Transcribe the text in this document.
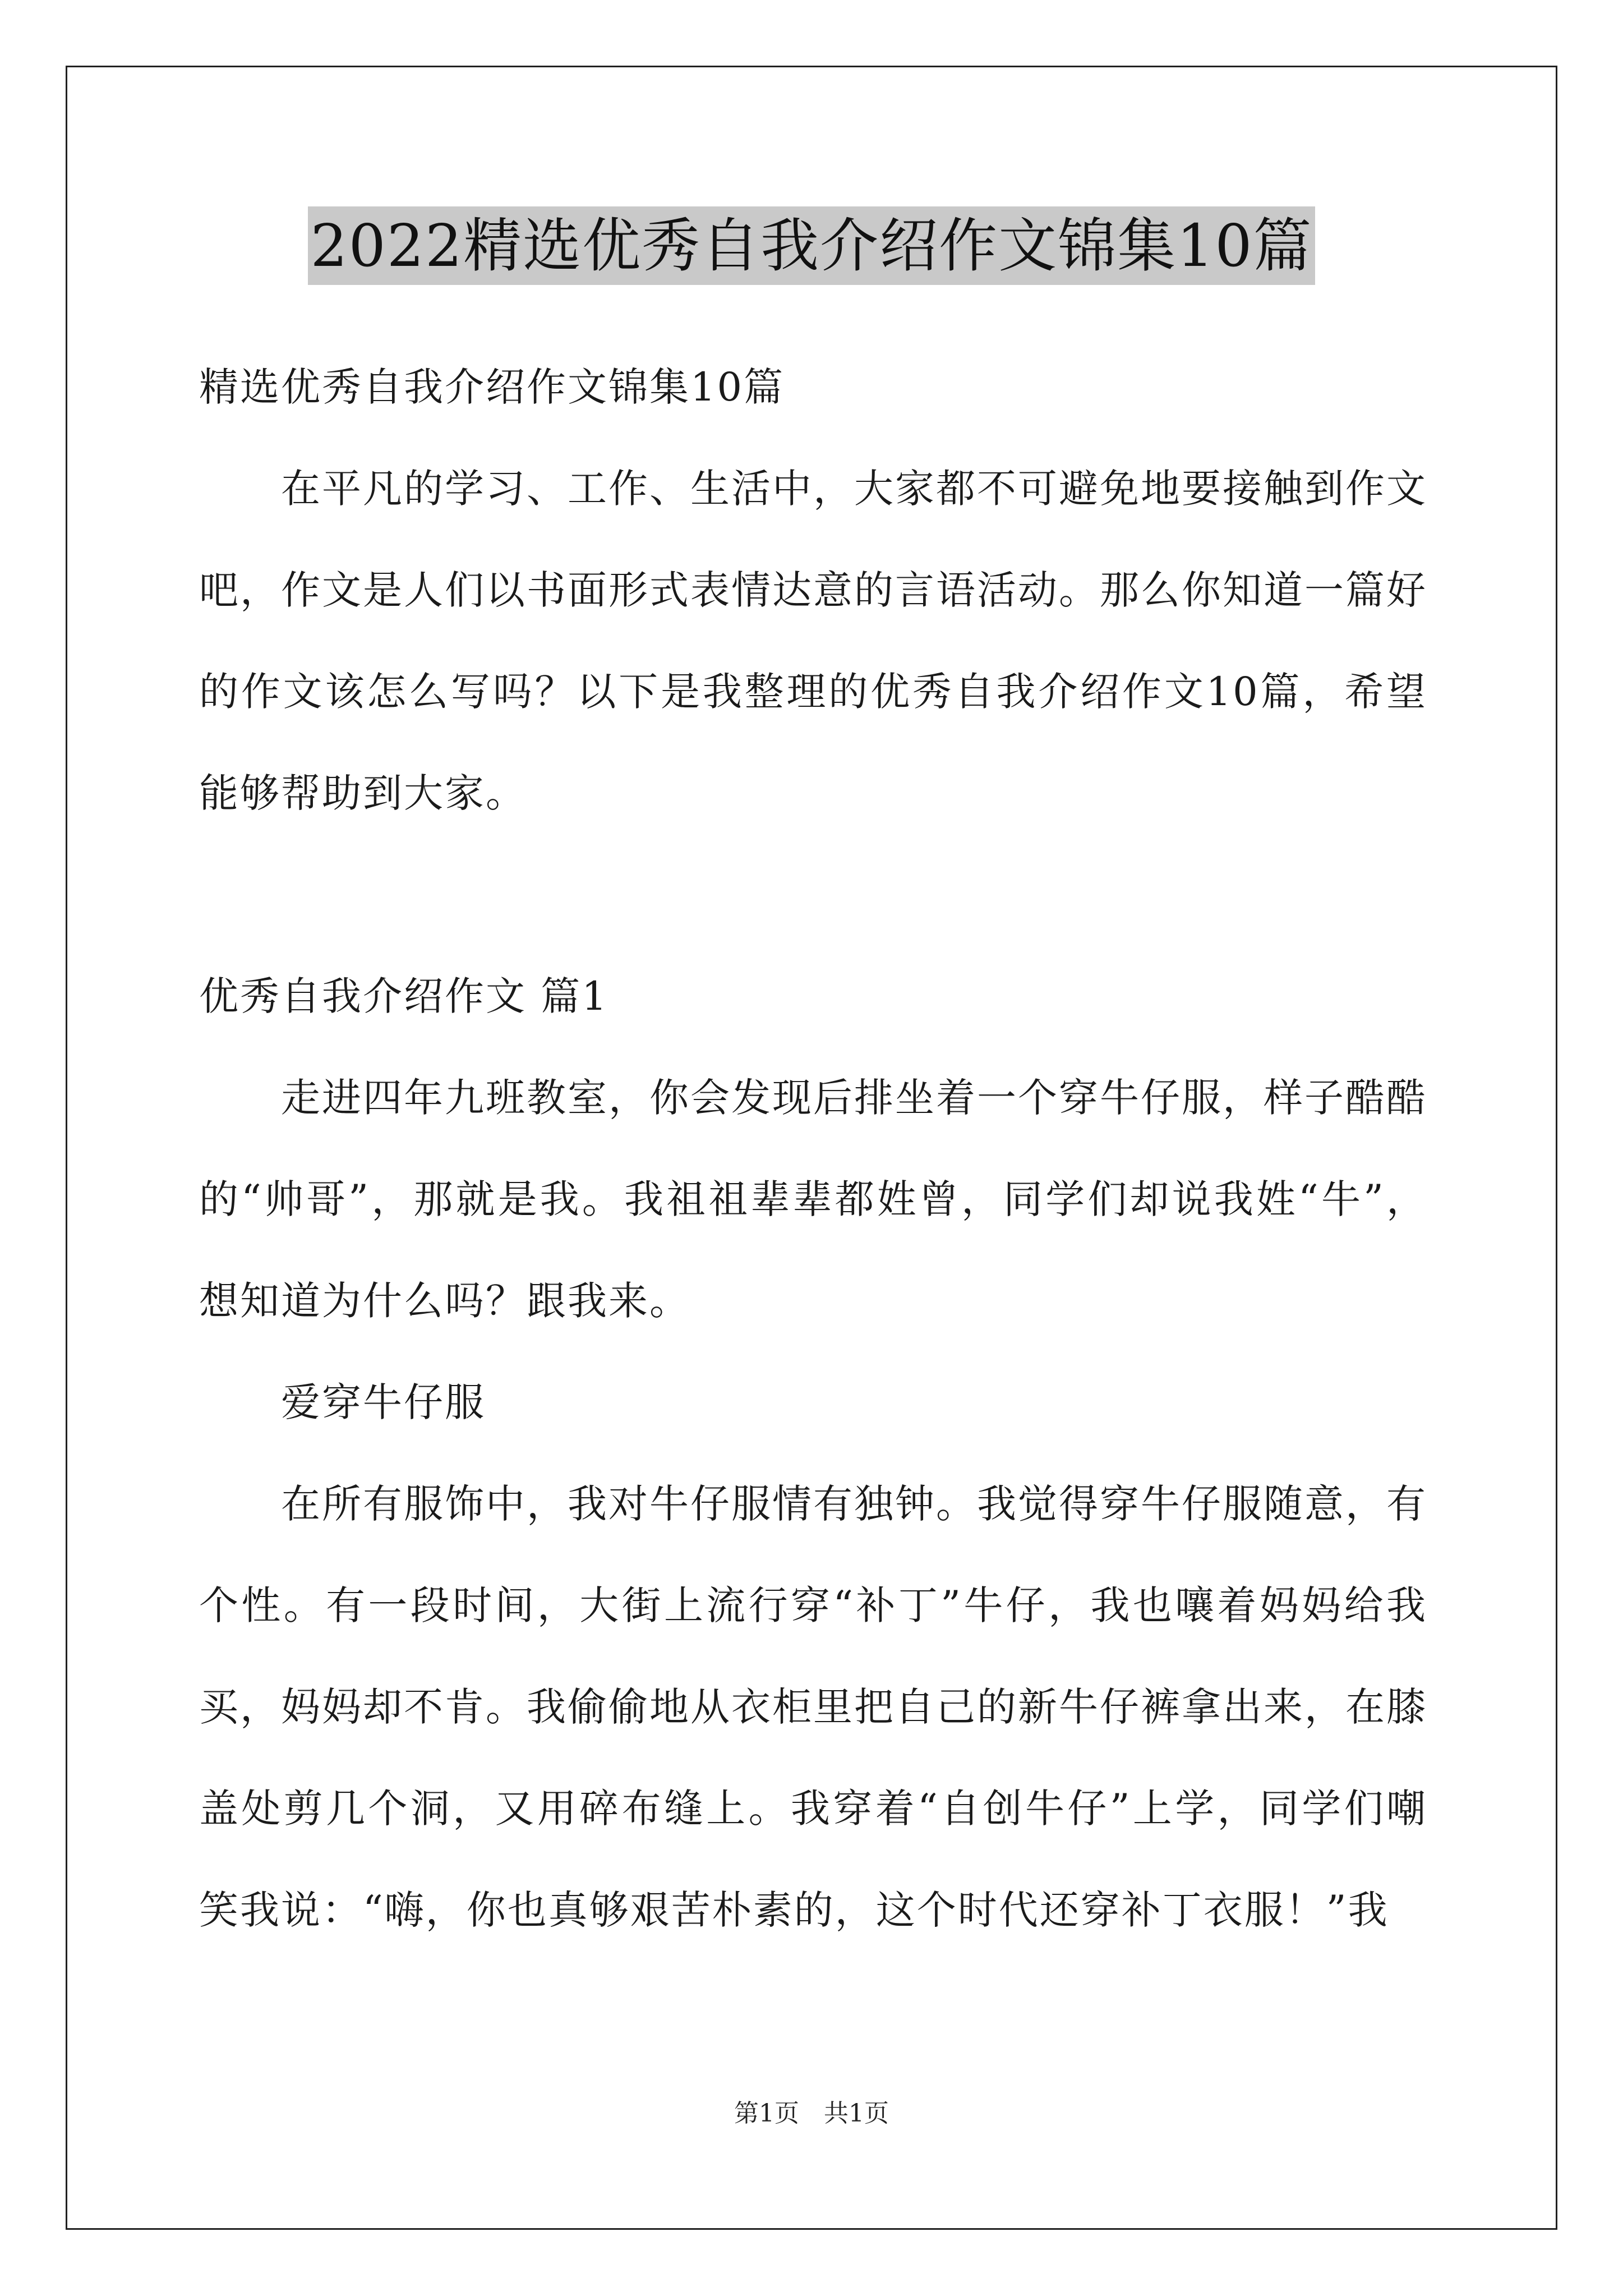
2022精选优秀自我介绍作文锦集10篇

精选优秀自我介绍作文锦集10篇

在平凡的学习、工作、生活中，大家都不可避免地要接触到作文吧，作文是人们以书面形式表情达意的言语活动。那么你知道一篇好的作文该怎么写吗？以下是我整理的优秀自我介绍作文10篇，希望能够帮助到大家。

优秀自我介绍作文 篇1

走进四年九班教室，你会发现后排坐着一个穿牛仔服，样子酷酷的“帅哥”，那就是我。我祖祖辈辈都姓曾，同学们却说我姓“牛”，想知道为什么吗？跟我来。

爱穿牛仔服

在所有服饰中，我对牛仔服情有独钟。我觉得穿牛仔服随意，有个性。有一段时间，大街上流行穿“补丁”牛仔，我也嚷着妈妈给我买，妈妈却不肯。我偷偷地从衣柜里把自己的新牛仔裤拿出来，在膝盖处剪几个洞，又用碎布缝上。我穿着“自创牛仔”上学，同学们嘲笑我说：“嗨，你也真够艰苦朴素的，这个时代还穿补丁衣服！”我

第1页 共1页
